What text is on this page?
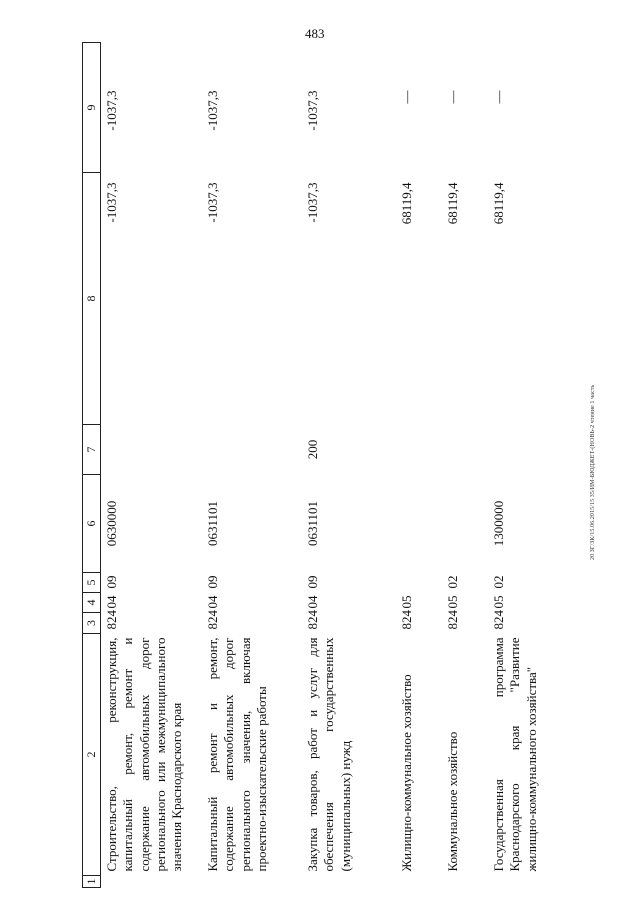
483
1	2	3	4	5	6	7	8	9
	Строительство, реконструкция, капитальный ремонт, ремонт и содержание автомобильных дорог регионального или межмуниципального значения Краснодарского края	824	04	09	0630000		-1037,3	-1037,3
	Капитальный ремонт и ремонт, содержание автомобильных дорог регионального значения, включая проектно-изыскательские работы	824	04	09	0631101		-1037,3	-1037,3
	Закупка товаров, работ и услуг для обеспечения государственных (муниципальных) нужд	824	04	09	0631101	200	-1037,3	-1037,3
	Жилищно-коммунальное хозяйство	824	05				68119,4	—
	Коммунальное хозяйство	824	05	02			68119,4	—
	Государственная программа Краснодарского края "Развитие жилищно-коммунального хозяйства"	824	05	02	1300000		68119,4	—
20 ЗГ/ЗК/15.06.2015/15 35/ИМ-БЮДЖЕТ-(НОВЬ-2 чтение 1 часть
